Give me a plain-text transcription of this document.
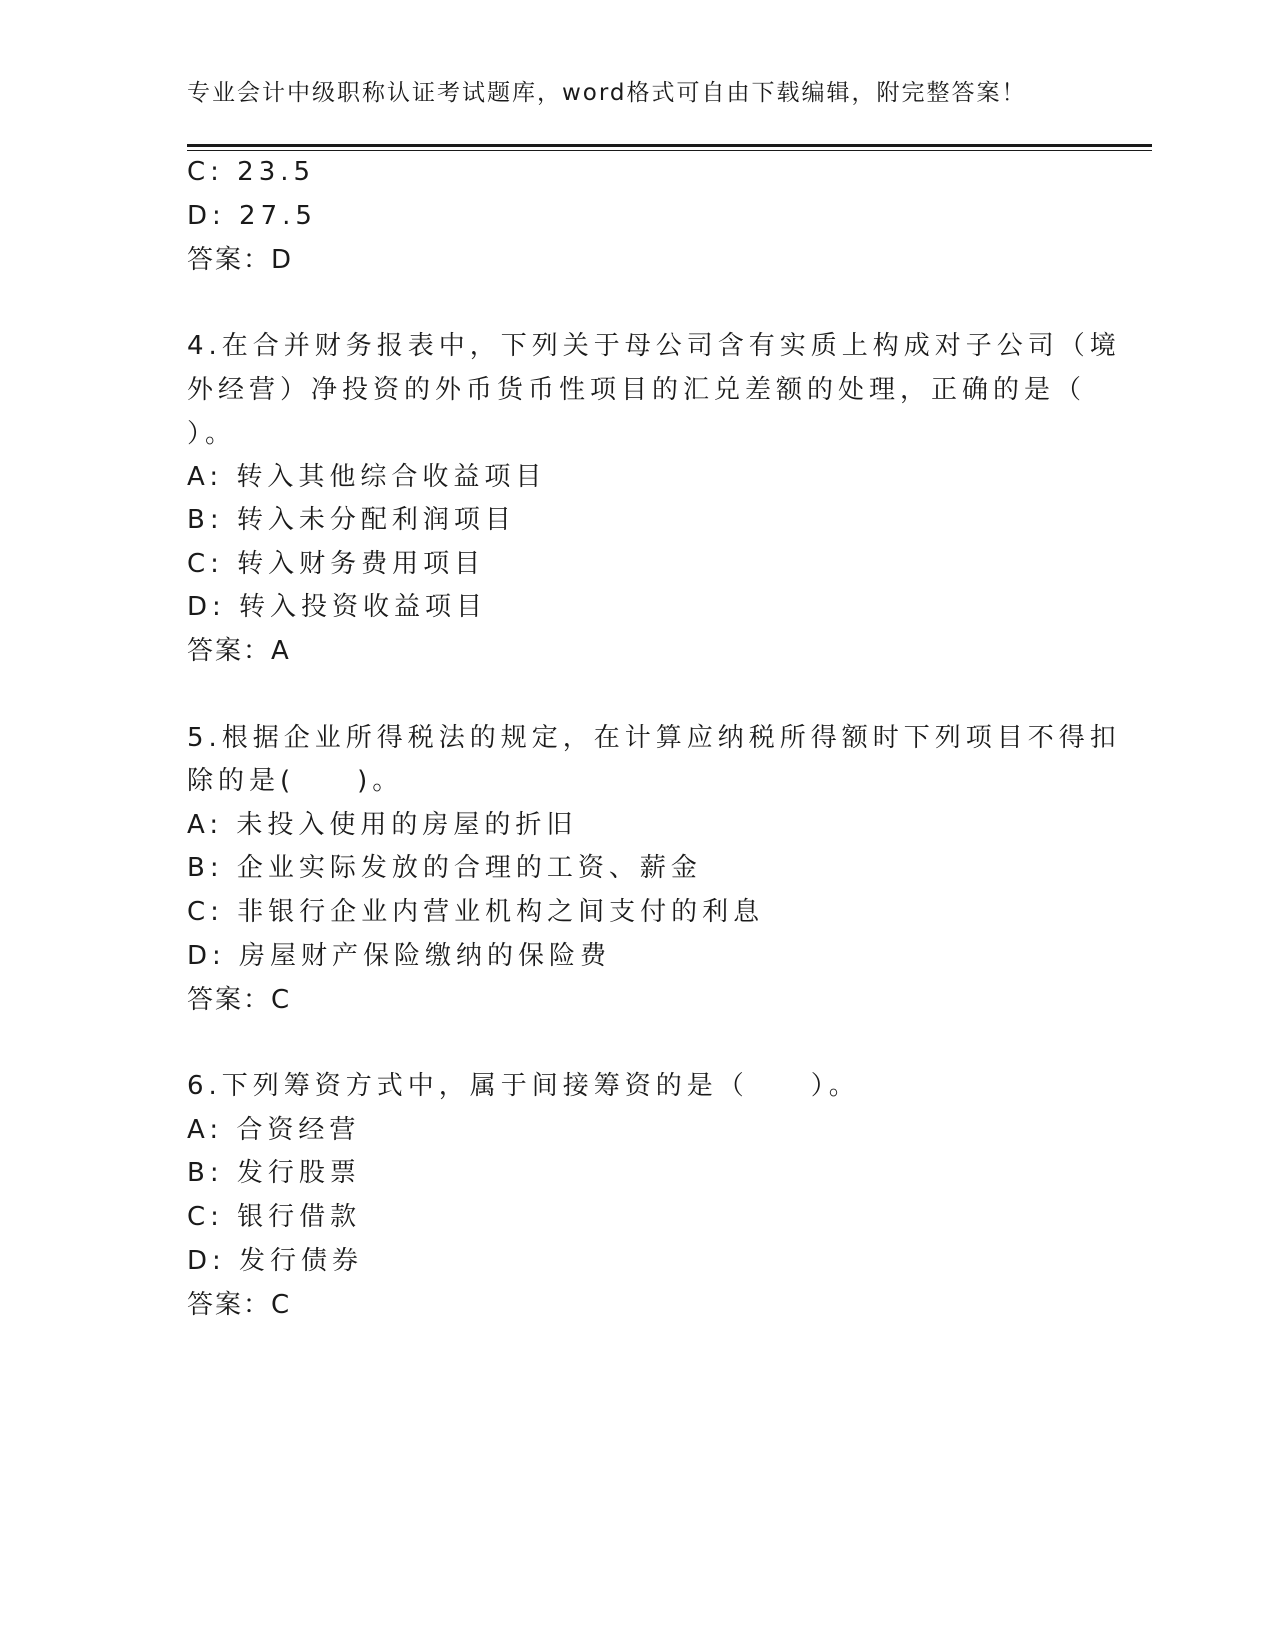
专业会计中级职称认证考试题库，word格式可自由下载编辑，附完整答案！
C: 23.5
D: 27.5
答案：D
4.在合并财务报表中，下列关于母公司含有实质上构成对子公司（境
外经营）净投资的外币货币性项目的汇兑差额的处理，正确的是（
）。
A: 转入其他综合收益项目
B: 转入未分配利润项目
C: 转入财务费用项目
D: 转入投资收益项目
答案：A
5.根据企业所得税法的规定，在计算应纳税所得额时下列项目不得扣
除的是(　　)。
A: 未投入使用的房屋的折旧
B: 企业实际发放的合理的工资、薪金
C: 非银行企业内营业机构之间支付的利息
D: 房屋财产保险缴纳的保险费
答案：C
6.下列筹资方式中，属于间接筹资的是（　　）。
A: 合资经营
B: 发行股票
C: 银行借款
D: 发行债券
答案：C
